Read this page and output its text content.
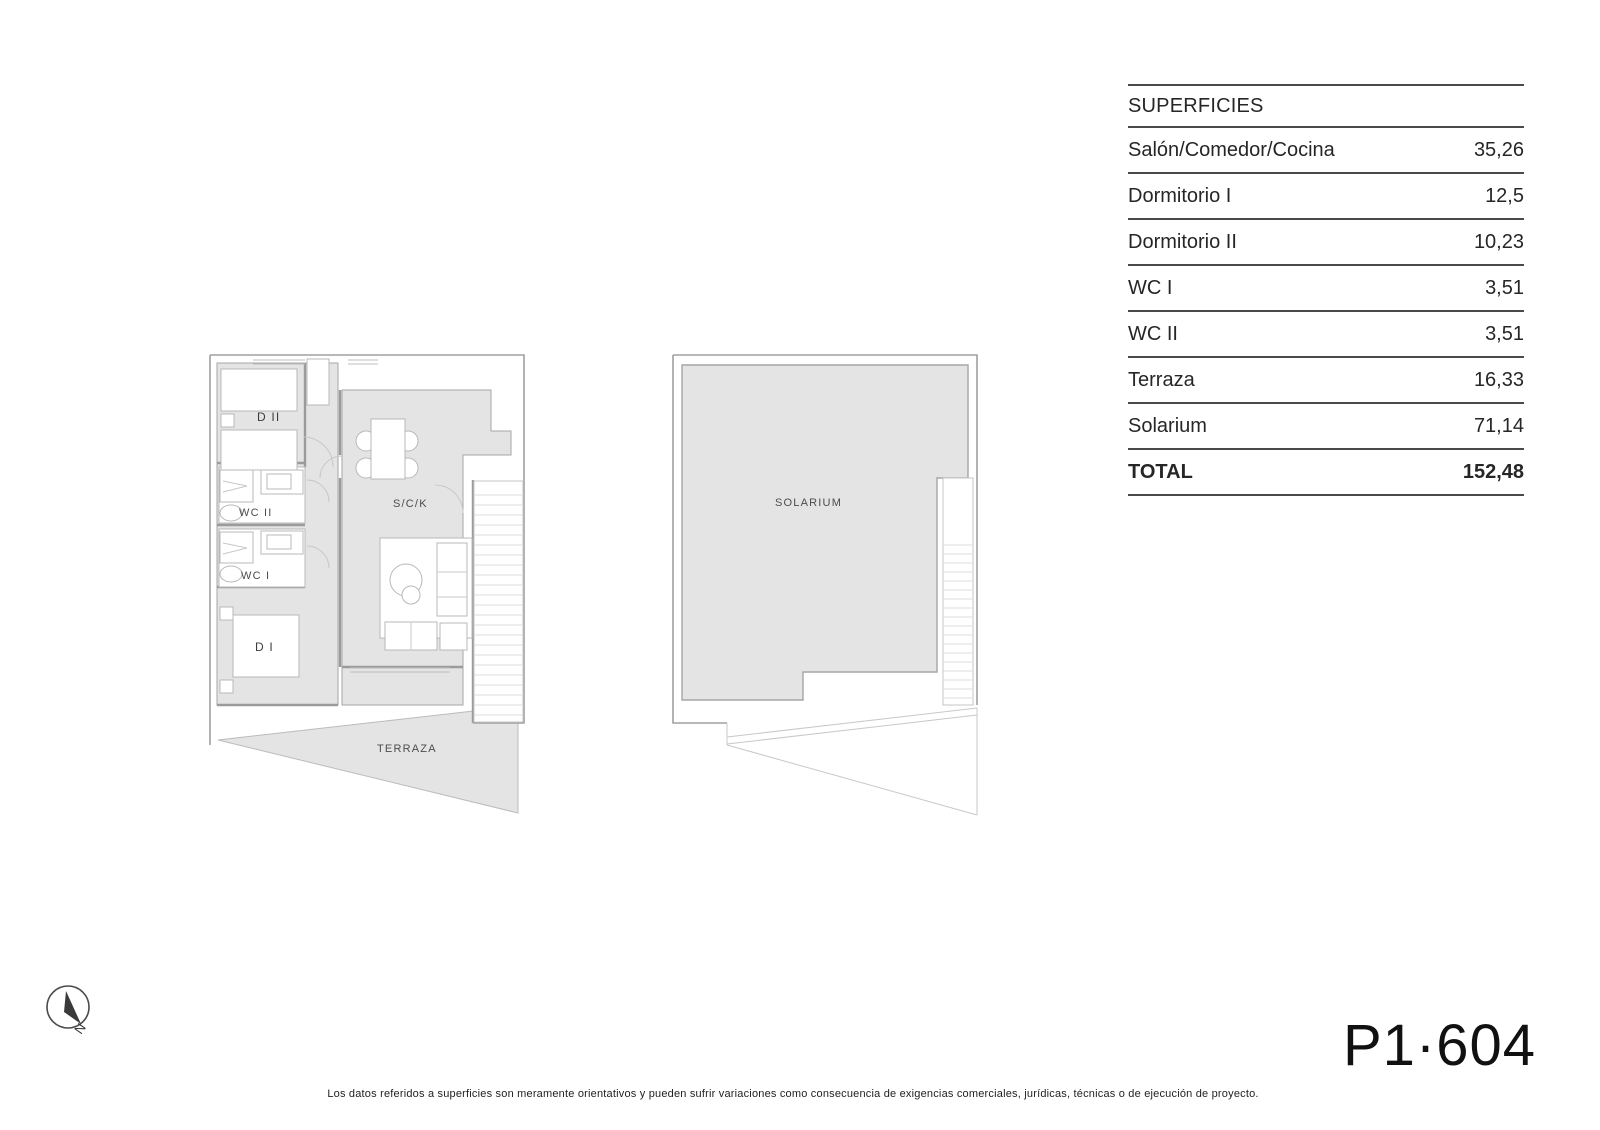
SUPERFICIES
Salón/Comedor/Cocina	35,26
Dormitorio I	12,5
Dormitorio II	10,23
WC I	3,51
WC II	3,51
Terraza	16,33
Solarium	71,14
TOTAL	152,48
D II
WC II
WC I
D I
S/C/K
TERRAZA
SOLARIUM
N	P1·604
Los datos referidos a superficies son meramente orientativos y pueden sufrir variaciones como consecuencia de exigencias comerciales, jurídicas, técnicas o de ejecución de proyecto.
